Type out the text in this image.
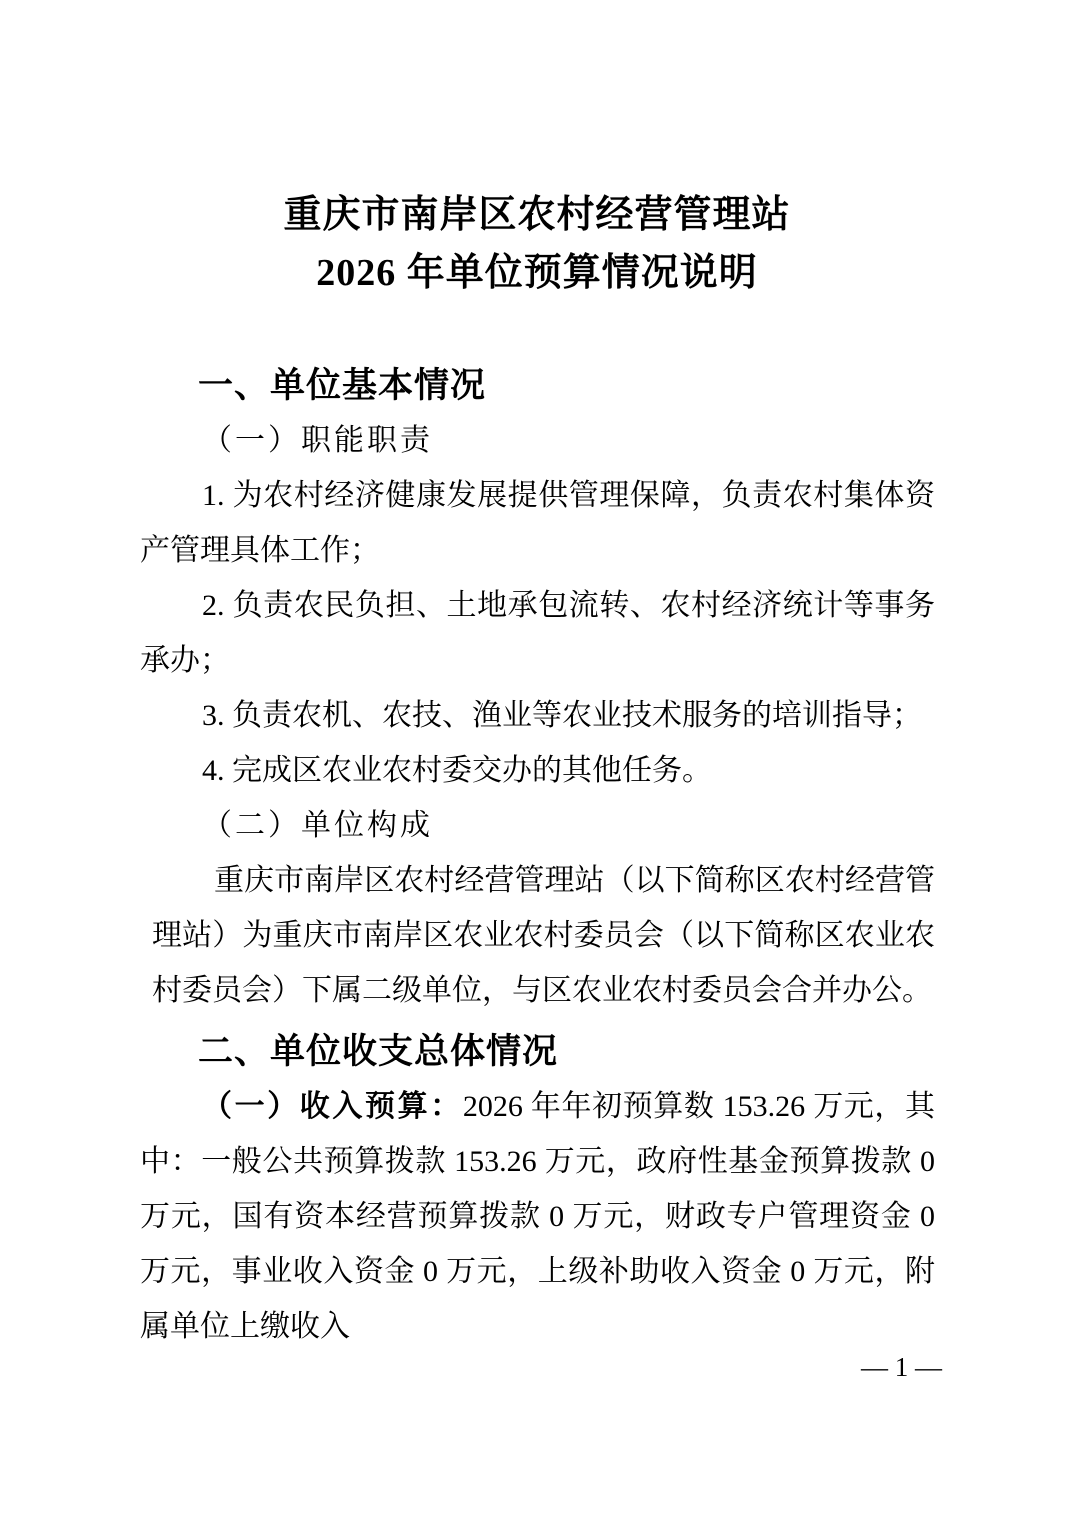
重庆市南岸区农村经营管理站
2026 年单位预算情况说明

一、单位基本情况

（一）职能职责

1. 为农村经济健康发展提供管理保障，负责农村集体资产管理具体工作；

2. 负责农民负担、土地承包流转、农村经济统计等事务承办；

3. 负责农机、农技、渔业等农业技术服务的培训指导；

4. 完成区农业农村委交办的其他任务。

（二）单位构成

重庆市南岸区农村经营管理站（以下简称区农村经营管理站）为重庆市南岸区农业农村委员会（以下简称区农业农村委员会）下属二级单位，与区农业农村委员会合并办公。

二、单位收支总体情况

（一）收入预算：2026 年年初预算数 153.26 万元，其中：一般公共预算拨款 153.26 万元，政府性基金预算拨款 0 万元，国有资本经营预算拨款 0 万元，财政专户管理资金 0 万元，事业收入资金 0 万元，上级补助收入资金 0 万元，附属单位上缴收入

— 1 —
